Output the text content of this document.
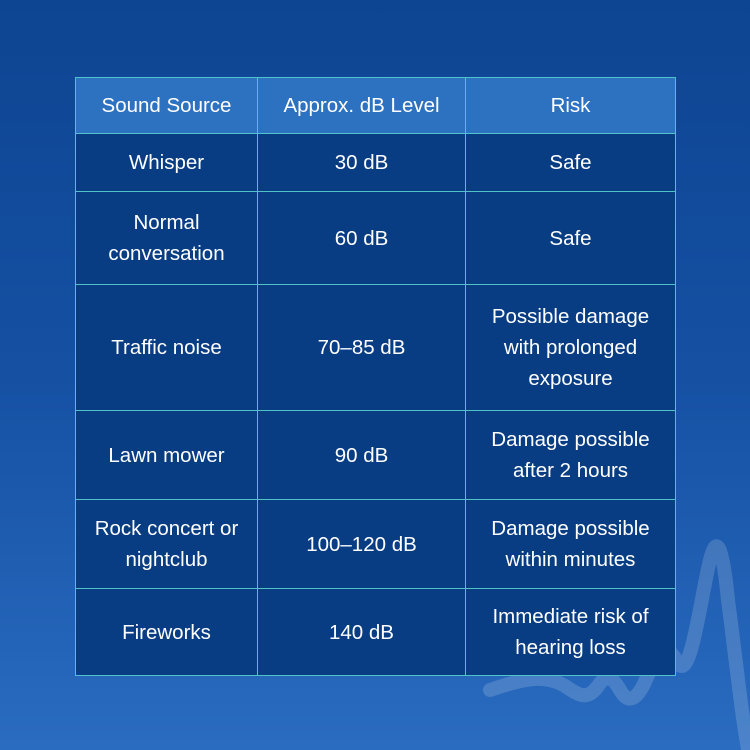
Sound Source	Approx. dB Level	Risk
Whisper	30 dB	Safe
Normal conversation	60 dB	Safe
Traffic noise	70–85 dB	Possible damage with prolonged exposure
Lawn mower	90 dB	Damage possible after 2 hours
Rock concert or nightclub	100–120 dB	Damage possible within minutes
Fireworks	140 dB	Immediate risk of hearing loss
